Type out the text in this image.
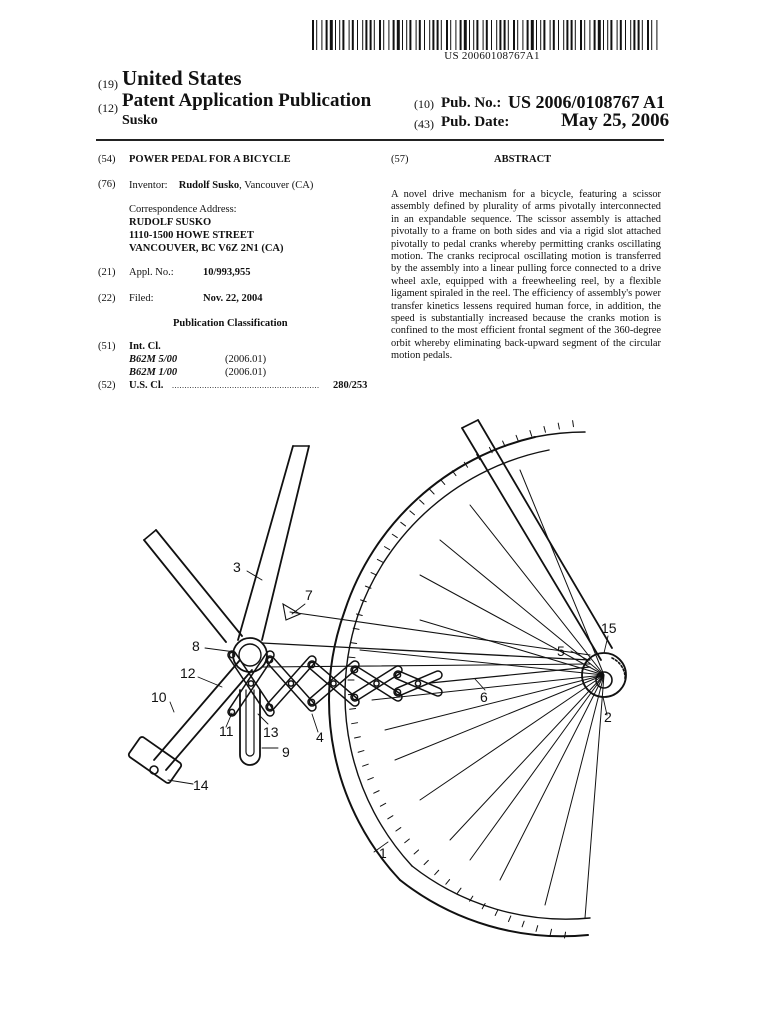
US 20060108767A1
(19) United States
(12) Patent Application Publication
Susko
(10) Pub. No.: US 2006/0108767 A1
(43) Pub. Date:	May 25, 2006
(54) POWER PEDAL FOR A BICYCLE
(76) Inventor: Rudolf Susko, Vancouver (CA)
Correspondence Address:
RUDOLF SUSKO
1110-1500 HOWE STREET
VANCOUVER, BC V6Z 2N1 (CA)
(21) Appl. No.:	10/993,955
(22) Filed:	Nov. 22, 2004
Publication Classification
(51) Int. Cl.
B62M 5/00	(2006.01)
B62M 1/00	(2006.01)
(52) U.S. Cl. ...........................................................	280/253
(57)	ABSTRACT
A novel drive mechanism for a bicycle, featuring a scissor assembly defined by plurality of arms pivotally interconnected in an expandable sequence. The scissor assembly is attached pivotally to a frame on both sides and via a rigid slot attached pivotally to pedal cranks whereby permitting cranks oscillating motion. The cranks reciprocal oscillating motion is transferred by the assembly into a linear pulling force connected to a drive wheel axle, equipped with a freewheeling reel, by a flexible ligament spiraled in the reel. The efficiency of assembly's power transfer kinetics lessens required human force, in addition, the speed is substantially increased because the cranks motion is confined to the most efficient frontal segment of the 360-degree orbit whereby eliminating back-upward segment of the circular motion pedals.
1
2
3
4
5
6
7
8
9
10
11
12
13
14
15
